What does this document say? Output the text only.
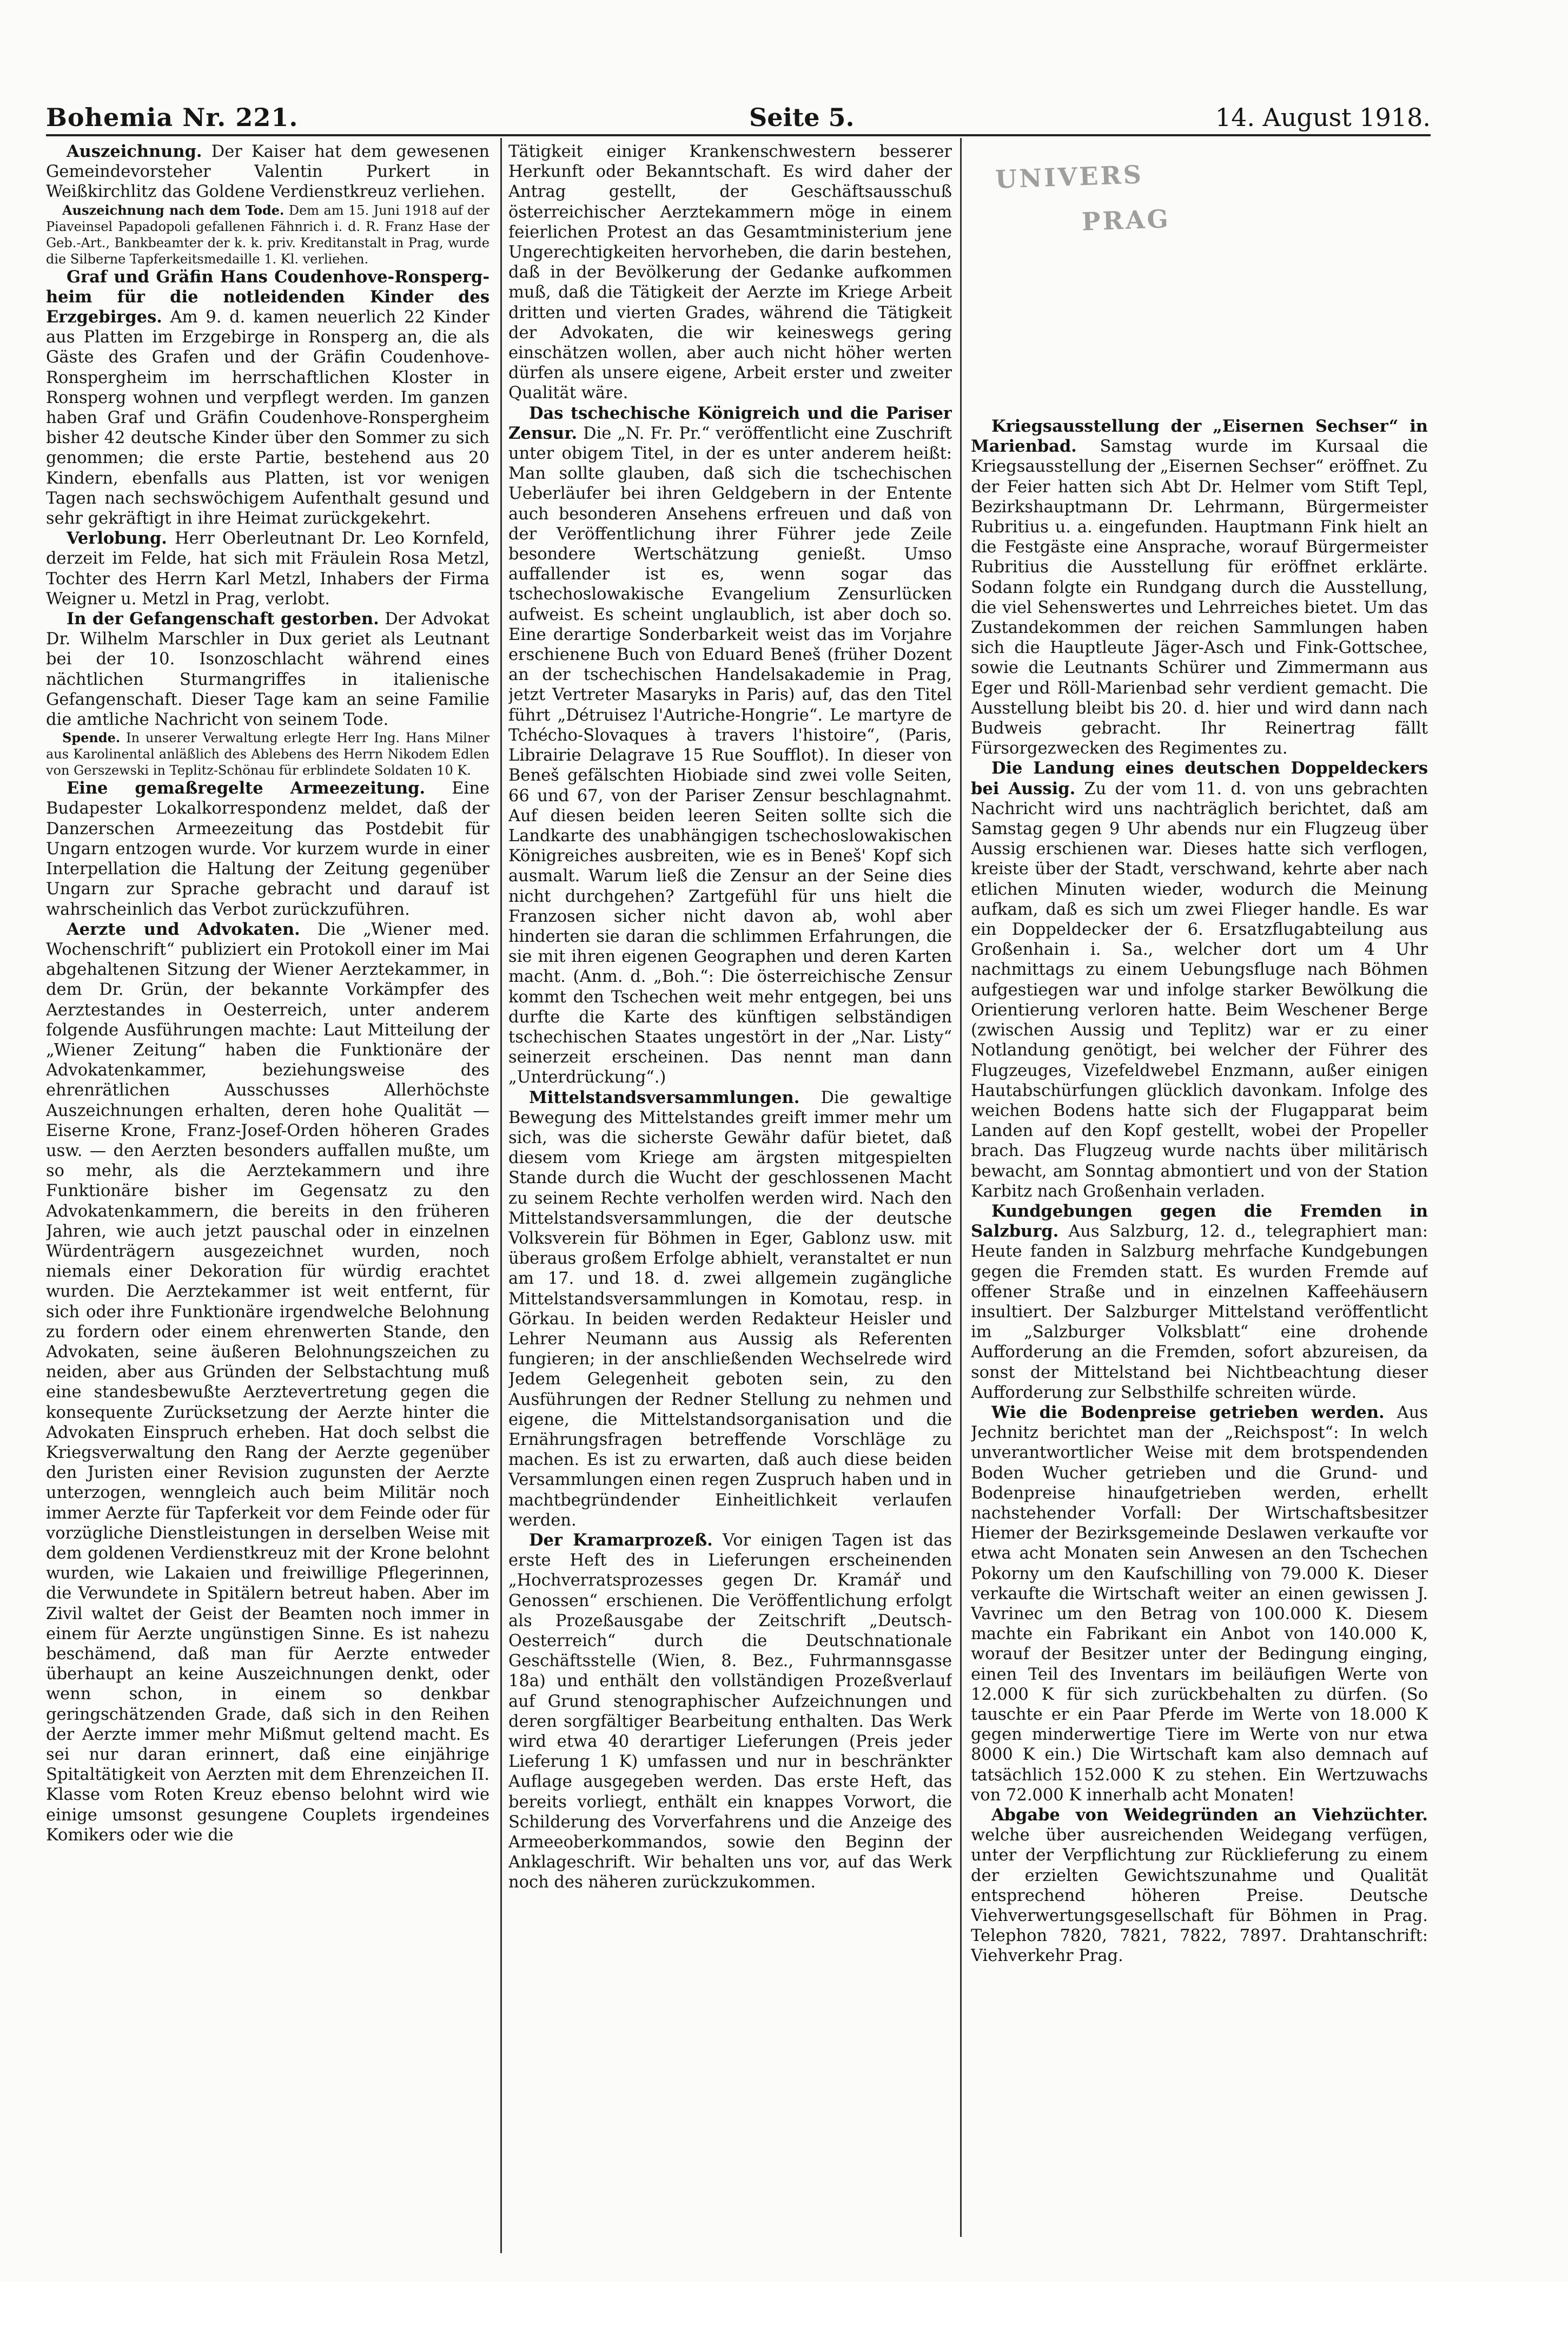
Bohemia Nr. 221.	Seite 5.	14. August 1918.
UNIVERS
PRAG

Auszeichnung. Der Kaiser hat dem gewesenen Gemeindevorsteher Valentin Purkert in Weißkirchlitz das Goldene Verdienstkreuz verliehen.

Auszeichnung nach dem Tode. Dem am 15. Juni 1918 auf der Piaveinsel Papadopoli gefallenen Fähnrich i. d. R. Franz Hase der Geb.-Art., Bankbeamter der k. k. priv. Kreditanstalt in Prag, wurde die Silberne Tapferkeitsmedaille 1. Kl. verliehen.

Graf und Gräfin Hans Coudenhove-Ronspergheim für die notleidenden Kinder des Erzgebirges. Am 9. d. kamen neuerlich 22 Kinder aus Platten im Erzgebirge in Ronsperg an, die als Gäste des Grafen und der Gräfin Coudenhove-Ronspergheim im herrschaftlichen Kloster in Ronsperg wohnen und verpflegt werden. Im ganzen haben Graf und Gräfin Coudenhove-Ronspergheim bisher 42 deutsche Kinder über den Sommer zu sich genommen; die erste Partie, bestehend aus 20 Kindern, ebenfalls aus Platten, ist vor wenigen Tagen nach sechswöchigem Aufenthalt gesund und sehr gekräftigt in ihre Heimat zurückgekehrt.

Verlobung. Herr Oberleutnant Dr. Leo Kornfeld, derzeit im Felde, hat sich mit Fräulein Rosa Metzl, Tochter des Herrn Karl Metzl, Inhabers der Firma Weigner u. Metzl in Prag, verlobt.

In der Gefangenschaft gestorben. Der Advokat Dr. Wilhelm Marschler in Dux geriet als Leutnant bei der 10. Isonzoschlacht während eines nächtlichen Sturmangriffes in italienische Gefangenschaft. Dieser Tage kam an seine Familie die amtliche Nachricht von seinem Tode.

Spende. In unserer Verwaltung erlegte Herr Ing. Hans Milner aus Karolinental anläßlich des Ablebens des Herrn Nikodem Edlen von Gerszewski in Teplitz-Schönau für erblindete Soldaten 10 K.

Eine gemaßregelte Armeezeitung. Eine Budapester Lokalkorrespondenz meldet, daß der Danzerschen Armeezeitung das Postdebit für Ungarn entzogen wurde. Vor kurzem wurde in einer Interpellation die Haltung der Zeitung gegenüber Ungarn zur Sprache gebracht und darauf ist wahrscheinlich das Verbot zurückzuführen.

Aerzte und Advokaten. Die „Wiener med. Wochenschrift“ publiziert ein Protokoll einer im Mai abgehaltenen Sitzung der Wiener Aerztekammer, in dem Dr. Grün, der bekannte Vorkämpfer des Aerztestandes in Oesterreich, unter anderem folgende Ausführungen machte: Laut Mitteilung der „Wiener Zeitung“ haben die Funktionäre der Advokatenkammer, beziehungsweise des ehrenrätlichen Ausschusses Allerhöchste Auszeichnungen erhalten, deren hohe Qualität — Eiserne Krone, Franz-Josef-Orden höheren Grades usw. — den Aerzten besonders auffallen mußte, um so mehr, als die Aerztekammern und ihre Funktionäre bisher im Gegensatz zu den Advokatenkammern, die bereits in den früheren Jahren, wie auch jetzt pauschal oder in einzelnen Würdenträgern ausgezeichnet wurden, noch niemals einer Dekoration für würdig erachtet wurden. Die Aerztekammer ist weit entfernt, für sich oder ihre Funktionäre irgendwelche Belohnung zu fordern oder einem ehrenwerten Stande, den Advokaten, seine äußeren Belohnungszeichen zu neiden, aber aus Gründen der Selbstachtung muß eine standesbewußte Aerztevertretung gegen die konsequente Zurücksetzung der Aerzte hinter die Advokaten Einspruch erheben. Hat doch selbst die Kriegsverwaltung den Rang der Aerzte gegenüber den Juristen einer Revision zugunsten der Aerzte unterzogen, wenngleich auch beim Militär noch immer Aerzte für Tapferkeit vor dem Feinde oder für vorzügliche Dienstleistungen in derselben Weise mit dem goldenen Verdienstkreuz mit der Krone belohnt wurden, wie Lakaien und freiwillige Pflegerinnen, die Verwundete in Spitälern betreut haben. Aber im Zivil waltet der Geist der Beamten noch immer in einem für Aerzte ungünstigen Sinne. Es ist nahezu beschämend, daß man für Aerzte entweder überhaupt an keine Auszeichnungen denkt, oder wenn schon, in einem so denkbar geringschätzenden Grade, daß sich in den Reihen der Aerzte immer mehr Mißmut geltend macht. Es sei nur daran erinnert, daß eine einjährige Spitaltätigkeit von Aerzten mit dem Ehrenzeichen II. Klasse vom Roten Kreuz ebenso belohnt wird wie einige umsonst gesungene Couplets irgendeines Komikers oder wie die

Tätigkeit einiger Krankenschwestern besserer Herkunft oder Bekanntschaft. Es wird daher der Antrag gestellt, der Geschäftsausschuß österreichischer Aerztekammern möge in einem feierlichen Protest an das Gesamtministerium jene Ungerechtigkeiten hervorheben, die darin bestehen, daß in der Bevölkerung der Gedanke aufkommen muß, daß die Tätigkeit der Aerzte im Kriege Arbeit dritten und vierten Grades, während die Tätigkeit der Advokaten, die wir keineswegs gering einschätzen wollen, aber auch nicht höher werten dürfen als unsere eigene, Arbeit erster und zweiter Qualität wäre.

Das tschechische Königreich und die Pariser Zensur. Die „N. Fr. Pr.“ veröffentlicht eine Zuschrift unter obigem Titel, in der es unter anderem heißt: Man sollte glauben, daß sich die tschechischen Ueberläufer bei ihren Geldgebern in der Entente auch besonderen Ansehens erfreuen und daß von der Veröffentlichung ihrer Führer jede Zeile besondere Wertschätzung genießt. Umso auffallender ist es, wenn sogar das tschechoslowakische Evangelium Zensurlücken aufweist. Es scheint unglaublich, ist aber doch so. Eine derartige Sonderbarkeit weist das im Vorjahre erschienene Buch von Eduard Beneš (früher Dozent an der tschechischen Handelsakademie in Prag, jetzt Vertreter Masaryks in Paris) auf, das den Titel führt „Détruisez l'Autriche-Hongrie“. Le martyre de Tchécho-Slovaques à travers l'histoire“, (Paris, Librairie Delagrave 15 Rue Soufflot). In dieser von Beneš gefälschten Hiobiade sind zwei volle Seiten, 66 und 67, von der Pariser Zensur beschlagnahmt. Auf diesen beiden leeren Seiten sollte sich die Landkarte des unabhängigen tschechoslowakischen Königreiches ausbreiten, wie es in Beneš' Kopf sich ausmalt. Warum ließ die Zensur an der Seine dies nicht durchgehen? Zartgefühl für uns hielt die Franzosen sicher nicht davon ab, wohl aber hinderten sie daran die schlimmen Erfahrungen, die sie mit ihren eigenen Geographen und deren Karten macht. (Anm. d. „Boh.“: Die österreichische Zensur kommt den Tschechen weit mehr entgegen, bei uns durfte die Karte des künftigen selbständigen tschechischen Staates ungestört in der „Nar. Listy“ seinerzeit erscheinen. Das nennt man dann „Unterdrückung“.)

Mittelstandsversammlungen. Die gewaltige Bewegung des Mittelstandes greift immer mehr um sich, was die sicherste Gewähr dafür bietet, daß diesem vom Kriege am ärgsten mitgespielten Stande durch die Wucht der geschlossenen Macht zu seinem Rechte verholfen werden wird. Nach den Mittelstandsversammlungen, die der deutsche Volksverein für Böhmen in Eger, Gablonz usw. mit überaus großem Erfolge abhielt, veranstaltet er nun am 17. und 18. d. zwei allgemein zugängliche Mittelstandsversammlungen in Komotau, resp. in Görkau. In beiden werden Redakteur Heisler und Lehrer Neumann aus Aussig als Referenten fungieren; in der anschließenden Wechselrede wird Jedem Gelegenheit geboten sein, zu den Ausführungen der Redner Stellung zu nehmen und eigene, die Mittelstandsorganisation und die Ernährungsfragen betreffende Vorschläge zu machen. Es ist zu erwarten, daß auch diese beiden Versammlungen einen regen Zuspruch haben und in machtbegründender Einheitlichkeit verlaufen werden.

Der Kramarprozeß. Vor einigen Tagen ist das erste Heft des in Lieferungen erscheinenden „Hochverratsprozesses gegen Dr. Kramář und Genossen“ erschienen. Die Veröffentlichung erfolgt als Prozeßausgabe der Zeitschrift „Deutsch-Oesterreich“ durch die Deutschnationale Geschäftsstelle (Wien, 8. Bez., Fuhrmannsgasse 18a) und enthält den vollständigen Prozeßverlauf auf Grund stenographischer Aufzeichnungen und deren sorgfältiger Bearbeitung enthalten. Das Werk wird etwa 40 derartiger Lieferungen (Preis jeder Lieferung 1 K) umfassen und nur in beschränkter Auflage ausgegeben werden. Das erste Heft, das bereits vorliegt, enthält ein knappes Vorwort, die Schilderung des Vorverfahrens und die Anzeige des Armeeoberkommandos, sowie den Beginn der Anklageschrift. Wir behalten uns vor, auf das Werk noch des näheren zurückzukommen.

Kriegsausstellung der „Eisernen Sechser“ in Marienbad. Samstag wurde im Kursaal die Kriegsausstellung der „Eisernen Sechser“ eröffnet. Zu der Feier hatten sich Abt Dr. Helmer vom Stift Tepl, Bezirkshauptmann Dr. Lehrmann, Bürgermeister Rubritius u. a. eingefunden. Hauptmann Fink hielt an die Festgäste eine Ansprache, worauf Bürgermeister Rubritius die Ausstellung für eröffnet erklärte. Sodann folgte ein Rundgang durch die Ausstellung, die viel Sehenswertes und Lehrreiches bietet. Um das Zustandekommen der reichen Sammlungen haben sich die Hauptleute Jäger-Asch und Fink-Gottschee, sowie die Leutnants Schürer und Zimmermann aus Eger und Röll-Marienbad sehr verdient gemacht. Die Ausstellung bleibt bis 20. d. hier und wird dann nach Budweis gebracht. Ihr Reinertrag fällt Fürsorgezwecken des Regimentes zu.

Die Landung eines deutschen Doppeldeckers bei Aussig. Zu der vom 11. d. von uns gebrachten Nachricht wird uns nachträglich berichtet, daß am Samstag gegen 9 Uhr abends nur ein Flugzeug über Aussig erschienen war. Dieses hatte sich verflogen, kreiste über der Stadt, verschwand, kehrte aber nach etlichen Minuten wieder, wodurch die Meinung aufkam, daß es sich um zwei Flieger handle. Es war ein Doppeldecker der 6. Ersatzflugabteilung aus Großenhain i. Sa., welcher dort um 4 Uhr nachmittags zu einem Uebungsfluge nach Böhmen aufgestiegen war und infolge starker Bewölkung die Orientierung verloren hatte. Beim Weschener Berge (zwischen Aussig und Teplitz) war er zu einer Notlandung genötigt, bei welcher der Führer des Flugzeuges, Vizefeldwebel Enzmann, außer einigen Hautabschürfungen glücklich davonkam. Infolge des weichen Bodens hatte sich der Flugapparat beim Landen auf den Kopf gestellt, wobei der Propeller brach. Das Flugzeug wurde nachts über militärisch bewacht, am Sonntag abmontiert und von der Station Karbitz nach Großenhain verladen.

Kundgebungen gegen die Fremden in Salzburg. Aus Salzburg, 12. d., telegraphiert man: Heute fanden in Salzburg mehrfache Kundgebungen gegen die Fremden statt. Es wurden Fremde auf offener Straße und in einzelnen Kaffeehäusern insultiert. Der Salzburger Mittelstand veröffentlicht im „Salzburger Volksblatt“ eine drohende Aufforderung an die Fremden, sofort abzureisen, da sonst der Mittelstand bei Nichtbeachtung dieser Aufforderung zur Selbsthilfe schreiten würde.

Wie die Bodenpreise getrieben werden. Aus Jechnitz berichtet man der „Reichspost“: In welch unverantwortlicher Weise mit dem brotspendenden Boden Wucher getrieben und die Grund- und Bodenpreise hinaufgetrieben werden, erhellt nachstehender Vorfall: Der Wirtschaftsbesitzer Hiemer der Bezirksgemeinde Deslawen verkaufte vor etwa acht Monaten sein Anwesen an den Tschechen Pokorny um den Kaufschilling von 79.000 K. Dieser verkaufte die Wirtschaft weiter an einen gewissen J. Vavrinec um den Betrag von 100.000 K. Diesem machte ein Fabrikant ein Anbot von 140.000 K, worauf der Besitzer unter der Bedingung einging, einen Teil des Inventars im beiläufigen Werte von 12.000 K für sich zurückbehalten zu dürfen. (So tauschte er ein Paar Pferde im Werte von 18.000 K gegen minderwertige Tiere im Werte von nur etwa 8000 K ein.) Die Wirtschaft kam also demnach auf tatsächlich 152.000 K zu stehen. Ein Wertzuwachs von 72.000 K innerhalb acht Monaten!

Abgabe von Weidegründen an Viehzüchter. welche über ausreichenden Weidegang verfügen, unter der Verpflichtung zur Rücklieferung zu einem der erzielten Gewichtszunahme und Qualität entsprechend höheren Preise. Deutsche Viehverwertungsgesellschaft für Böhmen in Prag. Telephon 7820, 7821, 7822, 7897. Drahtanschrift: Viehverkehr Prag.
